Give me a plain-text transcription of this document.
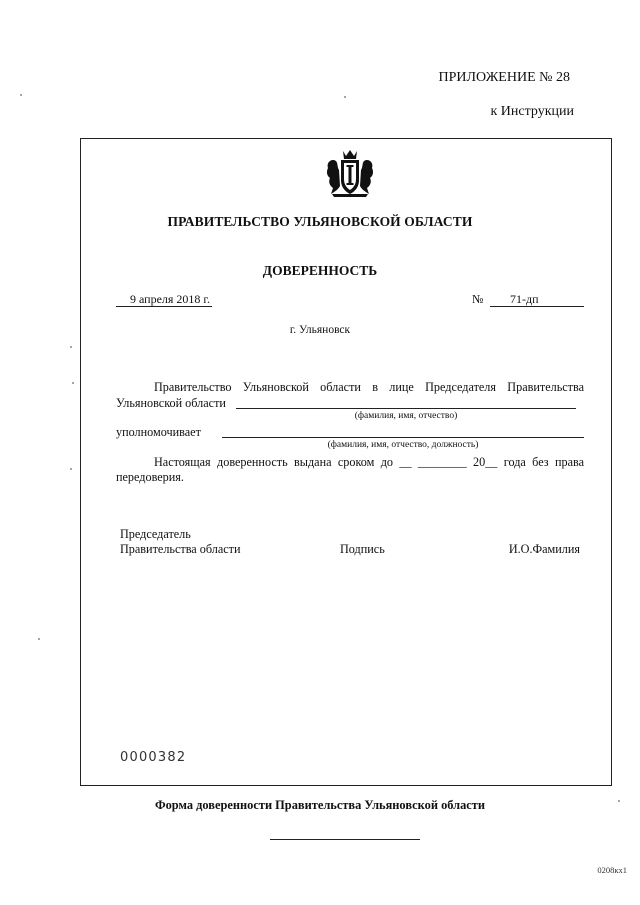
ПРИЛОЖЕНИЕ № 28
к Инструкции
ПРАВИТЕЛЬСТВО УЛЬЯНОВСКОЙ ОБЛАСТИ
ДОВЕРЕННОСТЬ
9 апреля 2018 г.	№	71-дп
г. Ульяновск
Правительство Ульяновской области в лице Председателя Правительства
Ульяновской области
(фамилия, имя, отчество)
уполномочивает
(фамилия, имя, отчество, должность)
Настоящая доверенность выдана сроком до __ ________ 20__ года без права
передоверия.
Председатель
Правительства области	Подпись	И.О.Фамилия
0000382
Форма доверенности Правительства Ульяновской области
0208кх1
